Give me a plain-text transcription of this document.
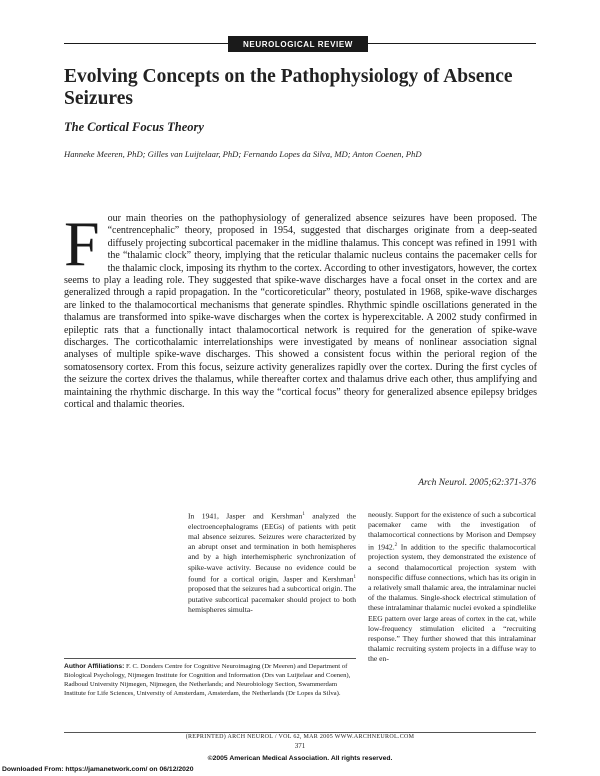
NEUROLOGICAL REVIEW
Evolving Concepts on the Pathophysiology of Absence Seizures
The Cortical Focus Theory
Hanneke Meeren, PhD; Gilles van Luijtelaar, PhD; Fernando Lopes da Silva, MD; Anton Coenen, PhD
Four main theories on the pathophysiology of generalized absence seizures have been proposed. The “centrencephalic” theory, proposed in 1954, suggested that discharges originate from a deep-seated diffusely projecting subcortical pacemaker in the midline thalamus. This concept was refined in 1991 with the “thalamic clock” theory, implying that the reticular thalamic nucleus contains the pacemaker cells for the thalamic clock, imposing its rhythm to the cortex. According to other investigators, however, the cortex seems to play a leading role. They suggested that spike-wave discharges have a focal onset in the cortex and are generalized through a rapid propagation. In the “corticoreticular” theory, postulated in 1968, spike-wave discharges are linked to the thalamocortical mechanisms that generate spindles. Rhythmic spindle oscillations generated in the thalamus are transformed into spike-wave discharges when the cortex is hyperexcitable. A 2002 study confirmed in epileptic rats that a functionally intact thalamocortical network is required for the generation of spike-wave discharges. The corticothalamic interrelationships were investigated by means of nonlinear association signal analyses of multiple spike-wave discharges. This showed a consistent focus within the perioral region of the somatosensory cortex. From this focus, seizure activity generalizes rapidly over the cortex. During the first cycles of the seizure the cortex drives the thalamus, while thereafter cortex and thalamus drive each other, thus amplifying and maintaining the rhythmic discharge. In this way the “cortical focus” theory for generalized absence epilepsy bridges cortical and thalamic theories.
Arch Neurol. 2005;62:371-376
In 1941, Jasper and Kershman$^1$ analyzed the electroencephalograms (EEGs) of patients with petit mal absence seizures. Seizures were characterized by an abrupt onset and termination in both hemispheres and by a high interhemispheric synchronization of spike-wave activity. Because no evidence could be found for a cortical origin, Jasper and Kershman$^1$ proposed that the seizures had a subcortical origin. The putative subcortical pacemaker should project to both hemispheres simulta-
neously. Support for the existence of such a subcortical pacemaker came with the investigation of thalamocortical connections by Morison and Dempsey in 1942.$^2$ In addition to the specific thalamocortical projection system, they demonstrated the existence of a second thalamocortical projection system with nonspecific diffuse connections, which has its origin in a relatively small thalamic area, the intralaminar nuclei of the thalamus. Single-shock electrical stimulation of these intralaminar thalamic nuclei evoked a spindlelike EEG pattern over large areas of cortex in the cat, while low-frequency stimulation elicited a “recruiting response.” They further showed that this intralaminar thalamic recruiting system projects in a diffuse way to the en-
Author Affiliations: F. C. Donders Centre for Cognitive Neuroimaging (Dr Meeren) and Department of Biological Psychology, Nijmegen Institute for Cognition and Information (Drs van Luijtelaar and Coenen), Radboud University Nijmegen, Nijmegen, the Netherlands; and Neurobiology Section, Swammerdam Institute for Life Sciences, University of Amsterdam, Amsterdam, the Netherlands (Dr Lopes da Silva).
(REPRINTED) ARCH NEUROL / VOL 62, MAR 2005 WWW.ARCHNEUROL.COM
371
©2005 American Medical Association. All rights reserved.
Downloaded From: https://jamanetwork.com/ on 06/12/2020
